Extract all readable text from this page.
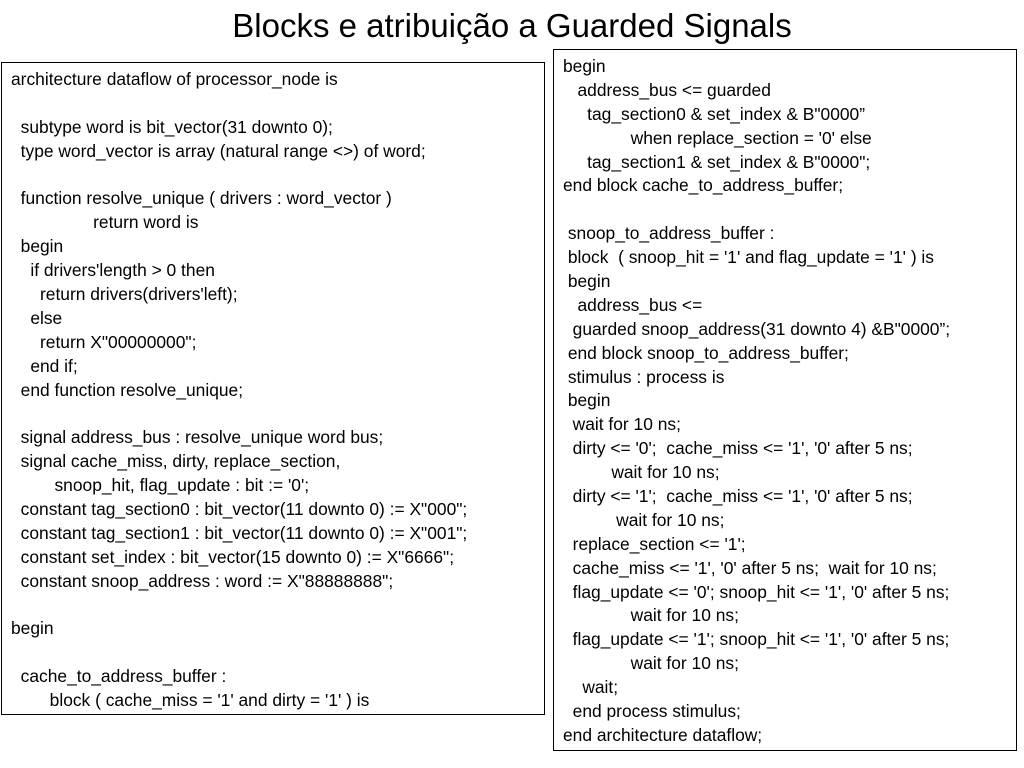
Blocks e atribuição a Guarded Signals
architecture dataflow of processor_node is
subtype word is bit_vector(31 downto 0);
type word_vector is array (natural range <>) of word;
function resolve_unique ( drivers : word_vector )
return word is
begin
if drivers'length > 0 then
return drivers(drivers'left);
else
return X"00000000";
end if;
end function resolve_unique;
signal address_bus : resolve_unique word bus;
signal cache_miss, dirty, replace_section,
snoop_hit, flag_update : bit := '0';
constant tag_section0 : bit_vector(11 downto 0) := X"000";
constant tag_section1 : bit_vector(11 downto 0) := X"001";
constant set_index : bit_vector(15 downto 0) := X"6666";
constant snoop_address : word := X"88888888";
begin
cache_to_address_buffer :
block ( cache_miss = '1' and dirty = '1' ) is
begin
address_bus <= guarded
tag_section0 & set_index & B"0000”
when replace_section = '0' else
tag_section1 & set_index & B"0000";
end block cache_to_address_buffer;
snoop_to_address_buffer :
block  ( snoop_hit = '1' and flag_update = '1' ) is
begin
address_bus <=
guarded snoop_address(31 downto 4) &B"0000”;
end block snoop_to_address_buffer;
stimulus : process is
begin
wait for 10 ns;
dirty <= '0';  cache_miss <= '1', '0' after 5 ns;
wait for 10 ns;
dirty <= '1';  cache_miss <= '1', '0' after 5 ns;
wait for 10 ns;
replace_section <= '1';
cache_miss <= '1', '0' after 5 ns;  wait for 10 ns;
flag_update <= '0'; snoop_hit <= '1', '0' after 5 ns;
wait for 10 ns;
flag_update <= '1'; snoop_hit <= '1', '0' after 5 ns;
wait for 10 ns;
wait;
end process stimulus;
end architecture dataflow;
